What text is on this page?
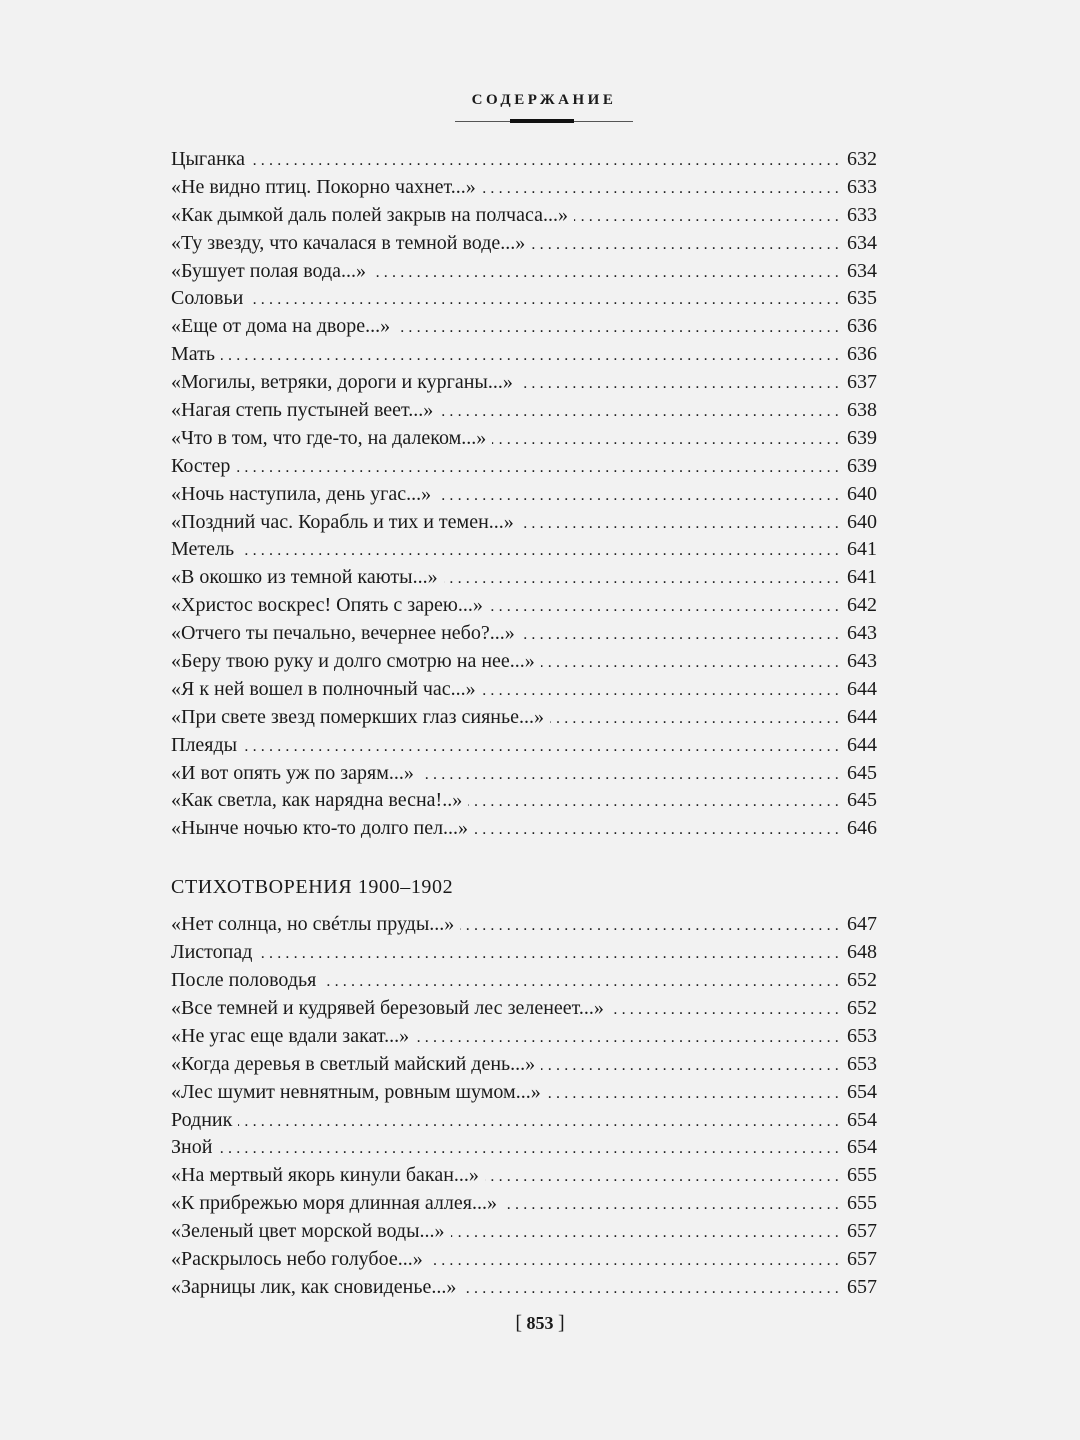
СОДЕРЖАНИЕ
Цыганка .....	632
«Не видно птиц. Покорно чахнет...» .....	633
«Как дымкой даль полей закрыв на полчаса...» .....	633
«Ту звезду, что качалася в темной воде...» .....	634
«Бушует полая вода...» .....	634
Соловьи .....	635
«Еще от дома на дворе...» .....	636
Мать .....	636
«Могилы, ветряки, дороги и курганы...» .....	637
«Нагая степь пустыней веет...» .....	638
«Что в том, что где-то, на далеком...» .....	639
Костер .....	639
«Ночь наступила, день угас...» .....	640
«Поздний час. Корабль и тих и темен...» .....	640
Метель .....	641
«В окошко из темной каюты...» .....	641
«Христос воскрес! Опять с зарею...» .....	642
«Отчего ты печально, вечернее небо?...» .....	643
«Беру твою руку и долго смотрю на нее...» .....	643
«Я к ней вошел в полночный час...» .....	644
«При свете звезд померкших глаз сиянье...» .....	644
Плеяды .....	644
«И вот опять уж по зарям...» .....	645
«Как светла, как нарядна весна!..» .....	645
«Нынче ночью кто-то долго пел...» .....	646
СТИХОТВОРЕНИЯ 1900–1902
«Нет солнца, но свéтлы пруды...» .....	647
Листопад .....	648
После половодья .....	652
«Все темней и кудрявей березовый лес зеленеет...» .....	652
«Не угас еще вдали закат...» .....	653
«Когда деревья в светлый майский день...» .....	653
«Лес шумит невнятным, ровным шумом...» .....	654
Родник .....	654
Зной .....	654
«На мертвый якорь кинули бакан...» .....	655
«К прибрежью моря длинная аллея...» .....	655
«Зеленый цвет морской воды...» .....	657
«Раскрылось небо голубое...» .....	657
«Зарницы лик, как сновиденье...» .....	657
[ 853 ]
